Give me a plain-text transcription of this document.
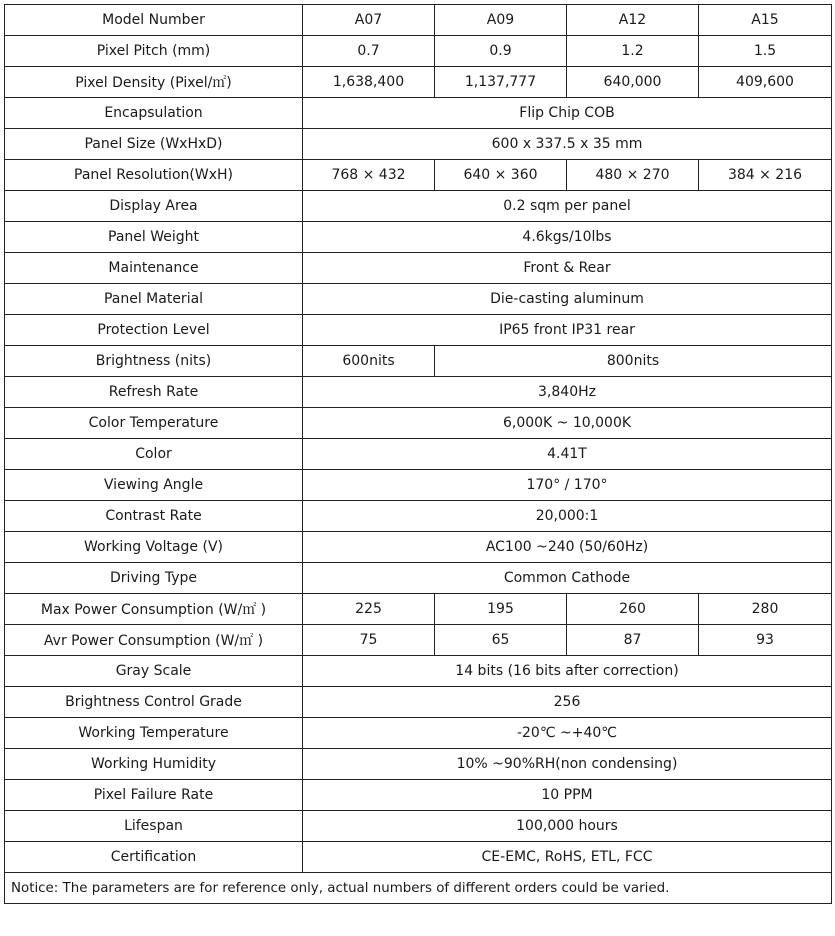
Model Number	A07	A09	A12	A15
Pixel Pitch (mm)	0.7	0.9	1.2	1.5
Pixel Density (Pixel/㎡)	1,638,400	1,137,777	640,000	409,600
Encapsulation	Flip Chip COB			
Panel Size (WxHxD)	600 x 337.5 x 35 mm			
Panel Resolution(WxH)	768 × 432	640 × 360	480 × 270	384 × 216
Display Area	0.2 sqm per panel			
Panel Weight	4.6kgs/10lbs			
Maintenance	Front & Rear			
Panel Material	Die-casting aluminum			
Protection Level	IP65 front IP31 rear			
Brightness (nits)	600nits	800nits		
Refresh Rate	3,840Hz			
Color Temperature	6,000K ~ 10,000K			
Color	4.41T			
Viewing Angle	170° / 170°			
Contrast Rate	20,000:1			
Working Voltage (V)	AC100 ~240 (50/60Hz)			
Driving Type	Common Cathode			
Max Power Consumption (W/㎡ )	225	195	260	280
Avr Power Consumption (W/㎡ )	75	65	87	93
Gray Scale	14 bits (16 bits after correction)			
Brightness Control Grade	256			
Working Temperature	-20℃ ~+40℃			
Working Humidity	10% ~90%RH(non condensing)			
Pixel Failure Rate	10 PPM			
Lifespan	100,000 hours			
Certification	CE-EMC, RoHS, ETL, FCC			
Notice: The parameters are for reference only, actual numbers of different orders could be varied.				
